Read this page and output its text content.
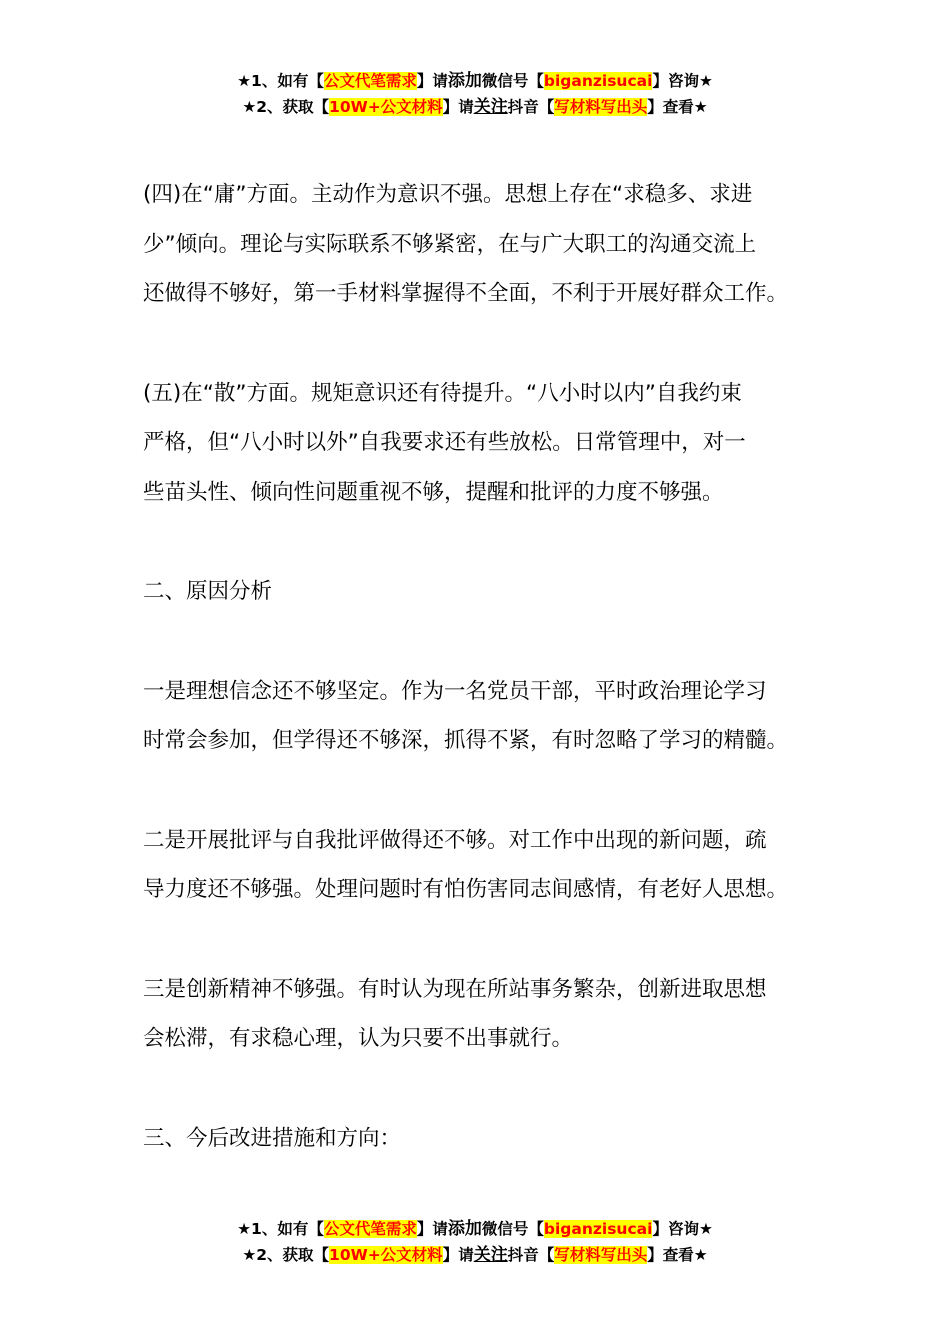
★1、如有【公文代笔需求】请添加微信号【biganzisucai】咨询★
★2、获取【10W+公文材料】请关注抖音【写材料写出头】查看★
(四)在“庸”方面。主动作为意识不强。思想上存在“求稳多、求进
少”倾向。理论与实际联系不够紧密，在与广大职工的沟通交流上
还做得不够好，第一手材料掌握得不全面，不利于开展好群众工作。
(五)在“散”方面。规矩意识还有待提升。“八小时以内”自我约束
严格，但“八小时以外”自我要求还有些放松。日常管理中，对一
些苗头性、倾向性问题重视不够，提醒和批评的力度不够强。
二、原因分析
一是理想信念还不够坚定。作为一名党员干部，平时政治理论学习
时常会参加，但学得还不够深，抓得不紧，有时忽略了学习的精髓。
二是开展批评与自我批评做得还不够。对工作中出现的新问题，疏
导力度还不够强。处理问题时有怕伤害同志间感情，有老好人思想。
三是创新精神不够强。有时认为现在所站事务繁杂，创新进取思想
会松滞，有求稳心理，认为只要不出事就行。
三、今后改进措施和方向：
★1、如有【公文代笔需求】请添加微信号【biganzisucai】咨询★
★2、获取【10W+公文材料】请关注抖音【写材料写出头】查看★
